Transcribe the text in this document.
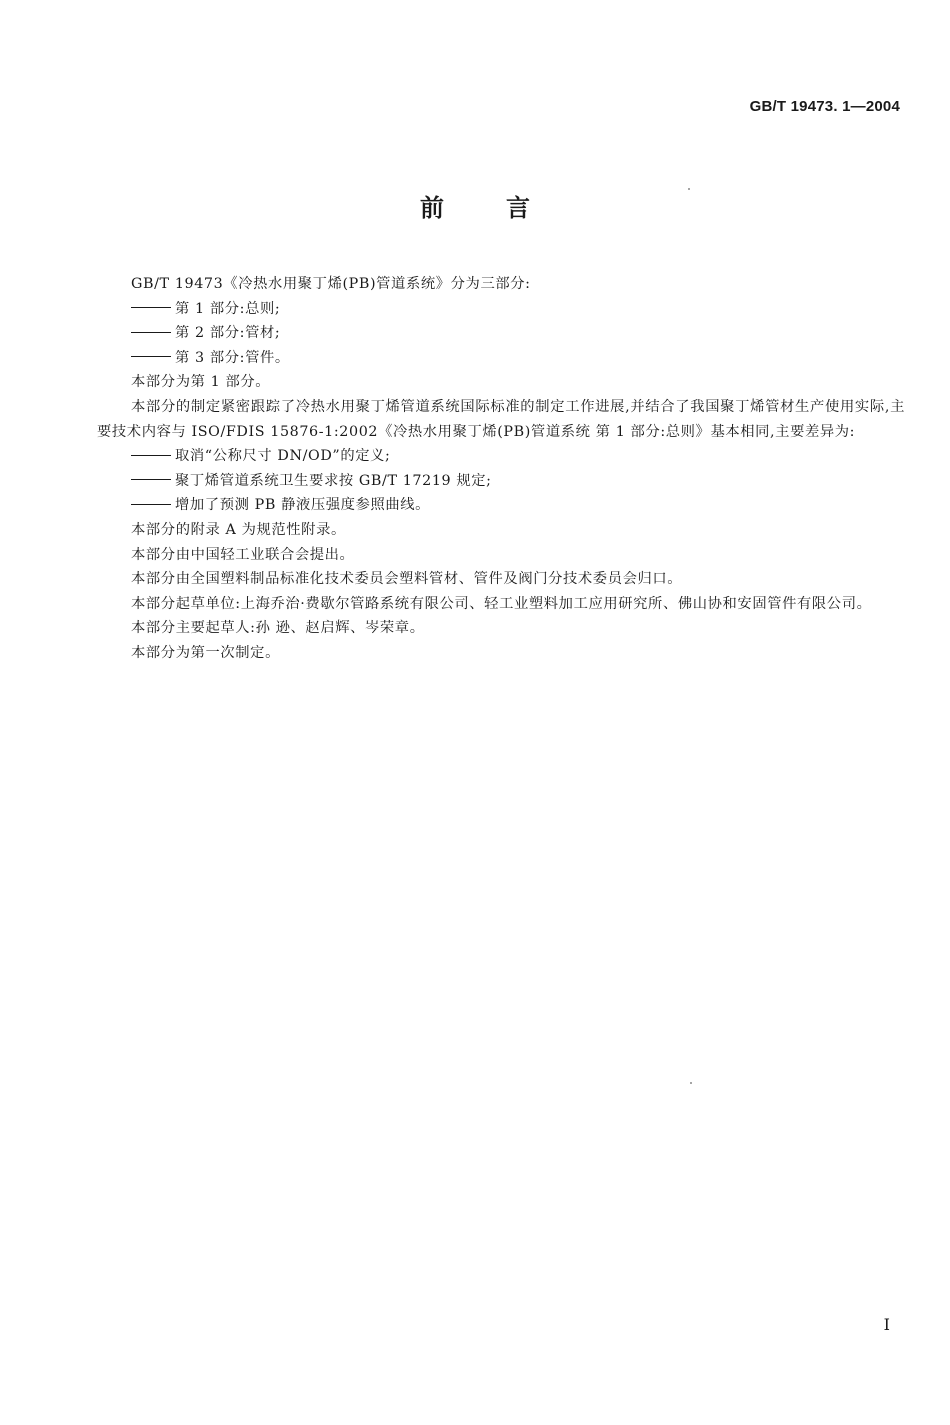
GB/T 19473. 1—2004
前言

GB/T 19473《冷热水用聚丁烯(PB)管道系统》分为三部分:

第 1 部分:总则;

第 2 部分:管材;

第 3 部分:管件。

本部分为第 1 部分。

本部分的制定紧密跟踪了冷热水用聚丁烯管道系统国际标准的制定工作进展,并结合了我国聚丁烯管材生产使用实际,主要技术内容与 ISO/FDIS 15876-1:2002《冷热水用聚丁烯(PB)管道系统 第 1 部分:总则》基本相同,主要差异为:

取消“公称尺寸 DN/OD”的定义;

聚丁烯管道系统卫生要求按 GB/T 17219 规定;

增加了预测 PB 静液压强度参照曲线。

本部分的附录 A 为规范性附录。

本部分由中国轻工业联合会提出。

本部分由全国塑料制品标准化技术委员会塑料管材、管件及阀门分技术委员会归口。

本部分起草单位:上海乔治·费歇尔管路系统有限公司、轻工业塑料加工应用研究所、佛山协和安固管件有限公司。

本部分主要起草人:孙 逊、赵启辉、岑荣章。

本部分为第一次制定。

I
